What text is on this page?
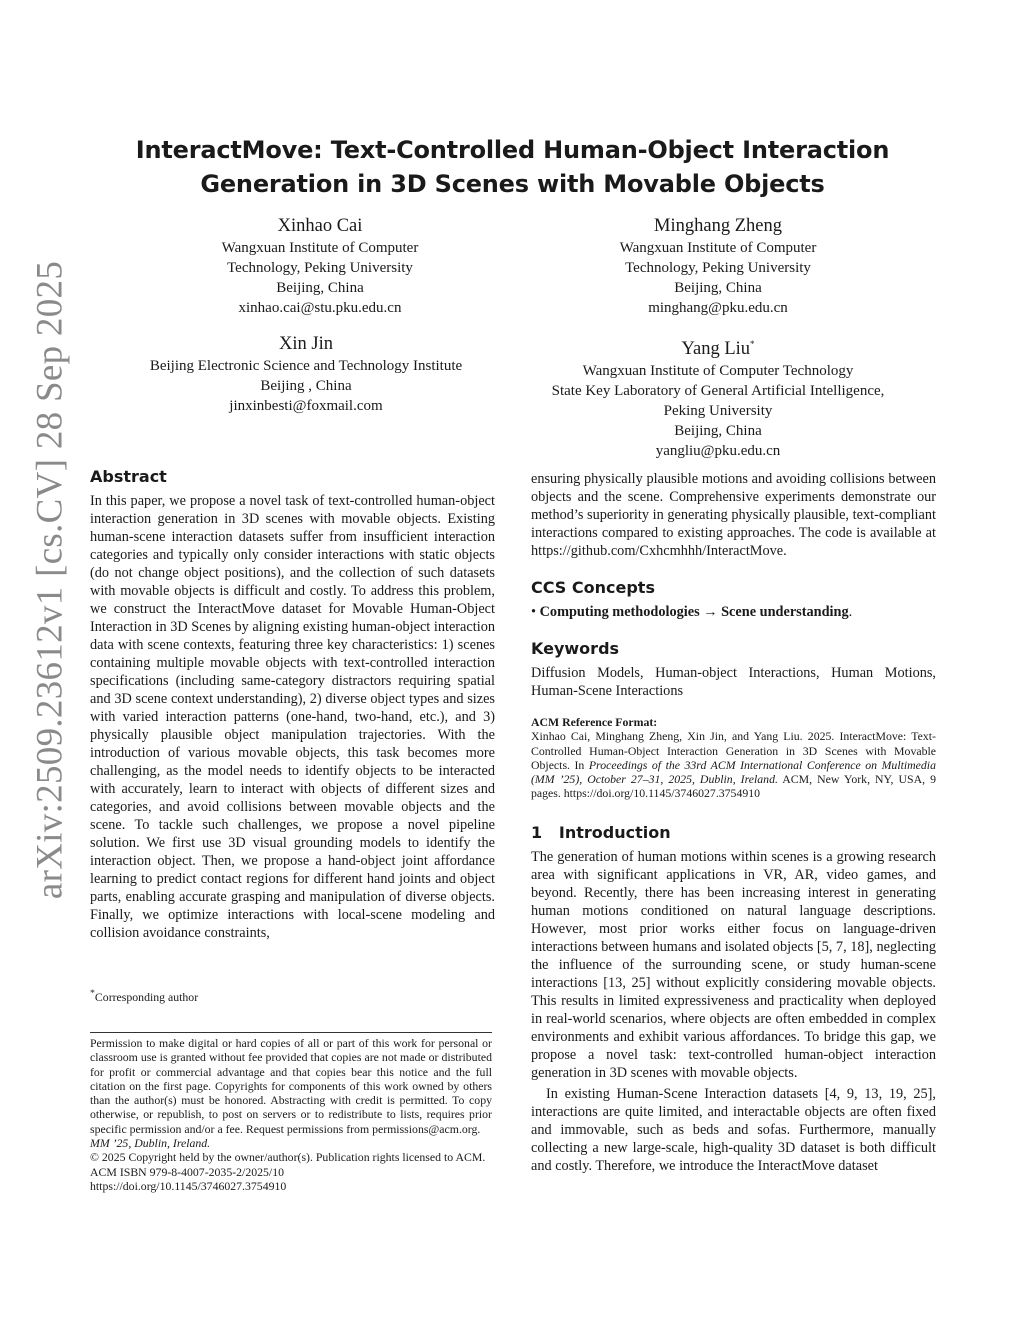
arXiv:2509.23612v1 [cs.CV] 28 Sep 2025
InteractMove: Text-Controlled Human-Object Interaction
Generation in 3D Scenes with Movable Objects
Xinhao Cai
Wangxuan Institute of Computer
Technology, Peking University
Beijing, China
xinhao.cai@stu.pku.edu.cn
Minghang Zheng
Wangxuan Institute of Computer
Technology, Peking University
Beijing, China
minghang@pku.edu.cn
Xin Jin
Beijing Electronic Science and Technology Institute
Beijing , China
jinxinbesti@foxmail.com
Yang Liu*
Wangxuan Institute of Computer Technology
State Key Laboratory of General Artificial Intelligence,
Peking University
Beijing, China
yangliu@pku.edu.cn
Abstract

In this paper, we propose a novel task of text-controlled human-object interaction generation in 3D scenes with movable objects. Existing human-scene interaction datasets suffer from insufficient interaction categories and typically only consider interactions with static objects (do not change object positions), and the collection of such datasets with movable objects is difficult and costly. To address this problem, we construct the InteractMove dataset for Movable Human-Object Interaction in 3D Scenes by aligning existing human-object interaction data with scene contexts, featuring three key characteristics: 1) scenes containing multiple movable objects with text-controlled interaction specifications (including same-category distractors requiring spatial and 3D scene context understanding), 2) diverse object types and sizes with varied interaction patterns (one-hand, two-hand, etc.), and 3) physically plausible object manipulation trajectories. With the introduction of various movable objects, this task becomes more challenging, as the model needs to identify objects to be interacted with accurately, learn to interact with objects of different sizes and categories, and avoid collisions between movable objects and the scene. To tackle such challenges, we propose a novel pipeline solution. We first use 3D visual grounding models to identify the interaction object. Then, we propose a hand-object joint affordance learning to predict contact regions for different hand joints and object parts, enabling accurate grasping and manipulation of diverse objects. Finally, we optimize interactions with local-scene modeling and collision avoidance constraints,

*Corresponding author

Permission to make digital or hard copies of all or part of this work for personal or classroom use is granted without fee provided that copies are not made or distributed for profit or commercial advantage and that copies bear this notice and the full citation on the first page. Copyrights for components of this work owned by others than the author(s) must be honored. Abstracting with credit is permitted. To copy otherwise, or republish, to post on servers or to redistribute to lists, requires prior specific permission and/or a fee. Request permissions from permissions@acm.org.

MM ’25, Dublin, Ireland.
© 2025 Copyright held by the owner/author(s). Publication rights licensed to ACM.
ACM ISBN 979-8-4007-2035-2/2025/10
https://doi.org/10.1145/3746027.3754910

ensuring physically plausible motions and avoiding collisions between objects and the scene. Comprehensive experiments demonstrate our method’s superiority in generating physically plausible, text-compliant interactions compared to existing approaches. The code is available at https://github.com/Cxhcmhhh/InteractMove.

CCS Concepts
• Computing methodologies → Scene understanding.
Keywords

Diffusion Models, Human-object Interactions, Human Motions, Human-Scene Interactions

ACM Reference Format:

Xinhao Cai, Minghang Zheng, Xin Jin, and Yang Liu. 2025. InteractMove: Text-Controlled Human-Object Interaction Generation in 3D Scenes with Movable Objects. In Proceedings of the 33rd ACM International Conference on Multimedia (MM ’25), October 27–31, 2025, Dublin, Ireland. ACM, New York, NY, USA, 9 pages. https://doi.org/10.1145/3746027.3754910

1 Introduction

The generation of human motions within scenes is a growing research area with significant applications in VR, AR, video games, and beyond. Recently, there has been increasing interest in generating human motions conditioned on natural language descriptions. However, most prior works either focus on language-driven interactions between humans and isolated objects [5, 7, 18], neglecting the influence of the surrounding scene, or study human-scene interactions [13, 25] without explicitly considering movable objects. This results in limited expressiveness and practicality when deployed in real-world scenarios, where objects are often embedded in complex environments and exhibit various affordances. To bridge this gap, we propose a novel task: text-controlled human-object interaction generation in 3D scenes with movable objects.

In existing Human-Scene Interaction datasets [4, 9, 13, 19, 25], interactions are quite limited, and interactable objects are often fixed and immovable, such as beds and sofas. Furthermore, manually collecting a new large-scale, high-quality 3D dataset is both difficult and costly. Therefore, we introduce the InteractMove dataset
